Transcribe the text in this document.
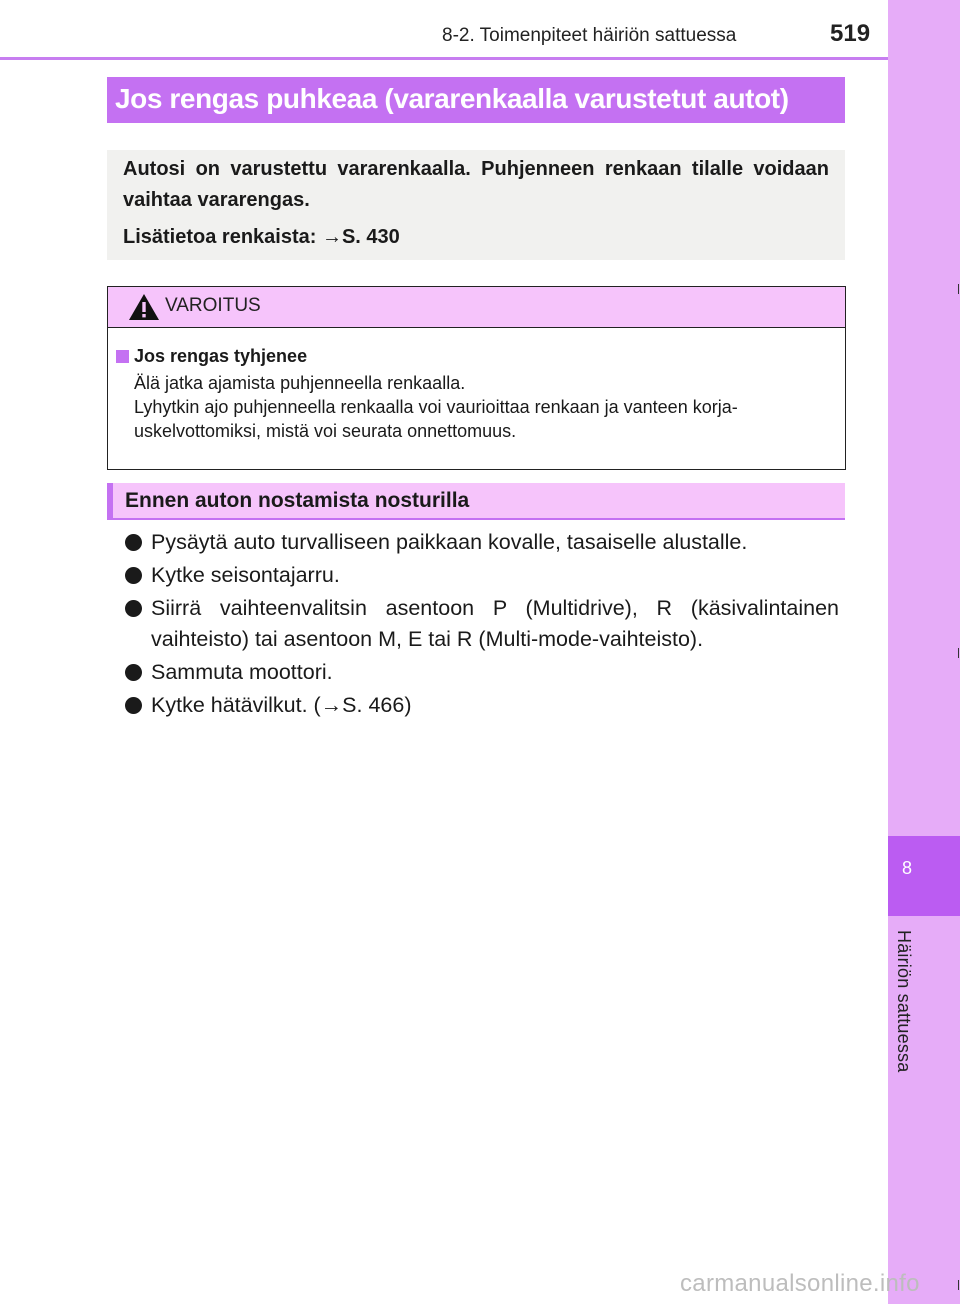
8-2. Toimenpiteet häiriön sattuessa	519
8
Häiriön sattuessa
Jos rengas puhkeaa (vararenkaalla varustetut autot)

Autosi on varustettu vararenkaalla. Puhjenneen renkaan tilalle voidaan vaihtaa vararengas.

Lisätietoa renkaista: →S. 430

VAROITUS
Jos rengas tyhjenee
Älä jatka ajamista puhjenneella renkaalla.
Lyhytkin ajo puhjenneella renkaalla voi vaurioittaa renkaan ja vanteen korja-uskelvottomiksi, mistä voi seurata onnettomuus.
Ennen auton nostamista nosturilla
Pysäytä auto turvalliseen paikkaan kovalle, tasaiselle alustalle.
Kytke seisontajarru.
Siirrä vaihteenvalitsin asentoon P (Multidrive), R (käsivalintainen vaihteisto) tai asentoon M, E tai R (Multi-mode-vaihteisto).
Sammuta moottori.
Kytke hätävilkut. (→S. 466)
carmanualsonline.info
